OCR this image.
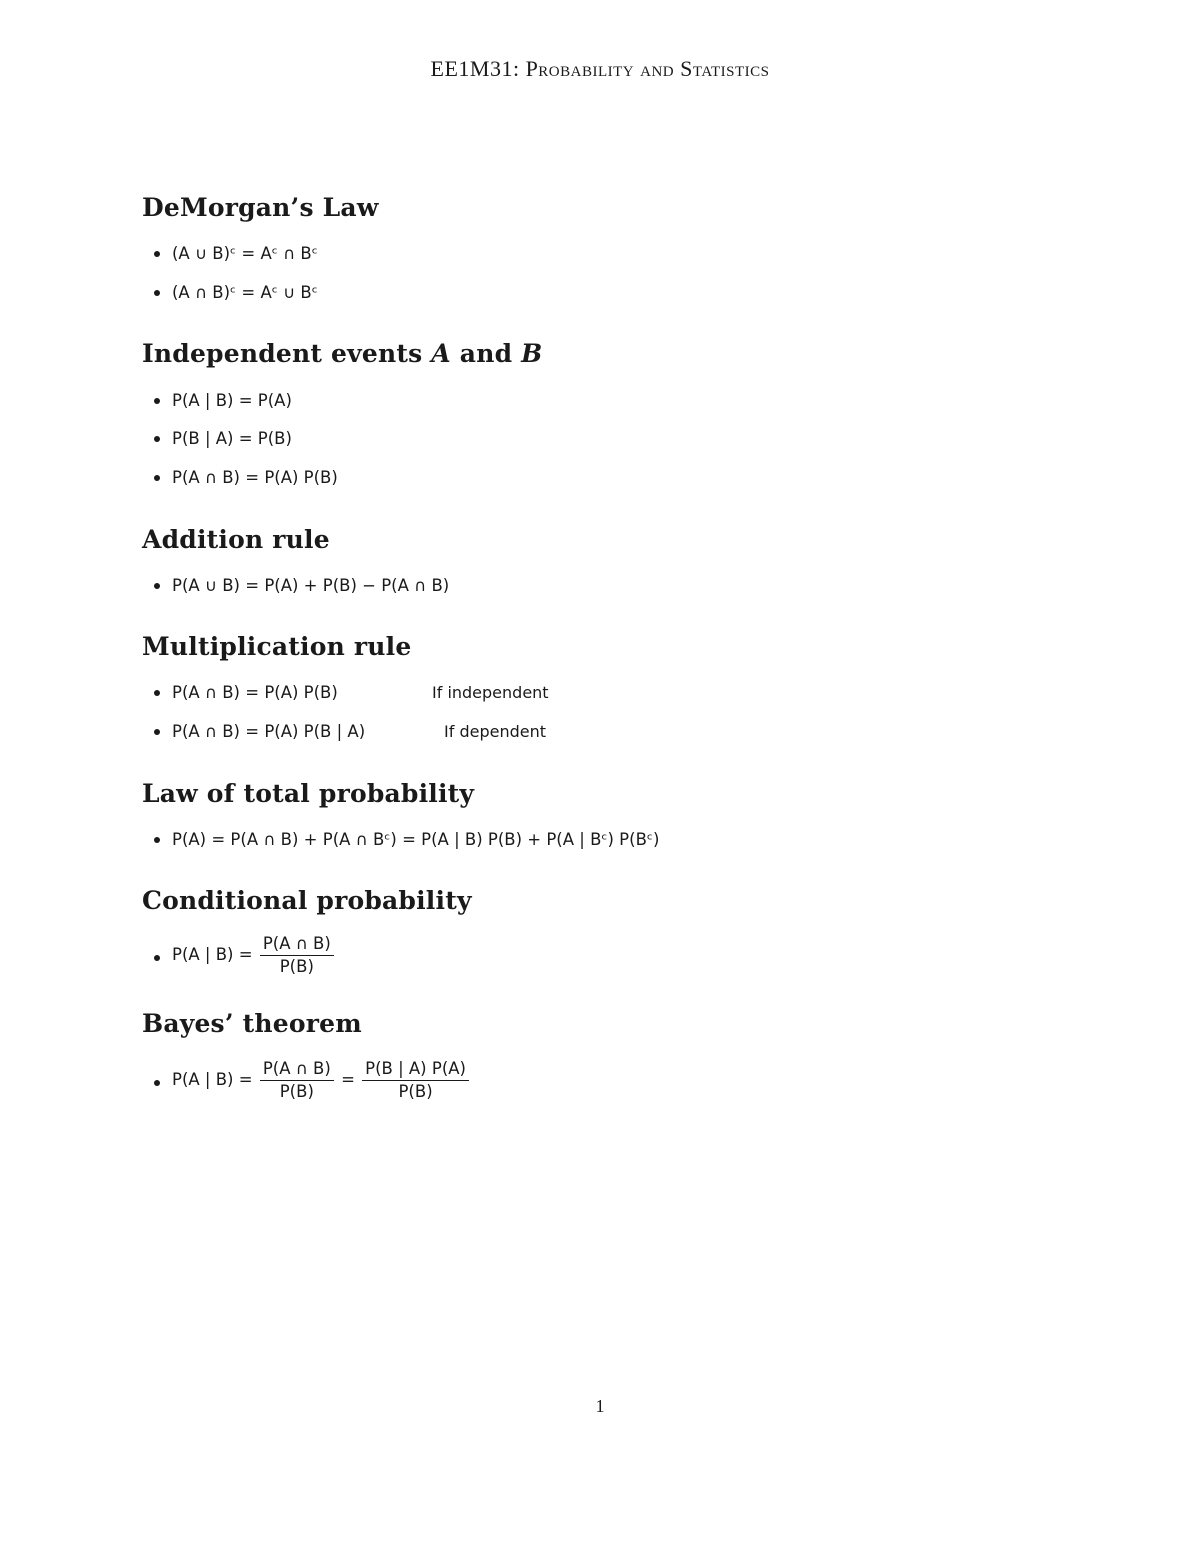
EE1M31: Probability and Statistics
DeMorgan’s Law
(A ∪ B)ᶜ = Aᶜ ∩ Bᶜ
(A ∩ B)ᶜ = Aᶜ ∪ Bᶜ
Independent events A and B
P(A | B) = P(A)
P(B | A) = P(B)
P(A ∩ B) = P(A) P(B)
Addition rule
P(A ∪ B) = P(A) + P(B) − P(A ∩ B)
Multiplication rule
P(A ∩ B) = P(A) P(B)	If independent
P(A ∩ B) = P(A) P(B | A)	If dependent
Law of total probability
P(A) = P(A ∩ B) + P(A ∩ Bᶜ) = P(A | B) P(B) + P(A | Bᶜ) P(Bᶜ)
Conditional probability
P(A | $B) = \frac{P(A \cap B)}{P(B)}$
Bayes’ theorem
P(A | $B) = \frac{P(A \cap B)}{P(B)} = \frac{P(B | A) P(A)}{P(B)}$
1
